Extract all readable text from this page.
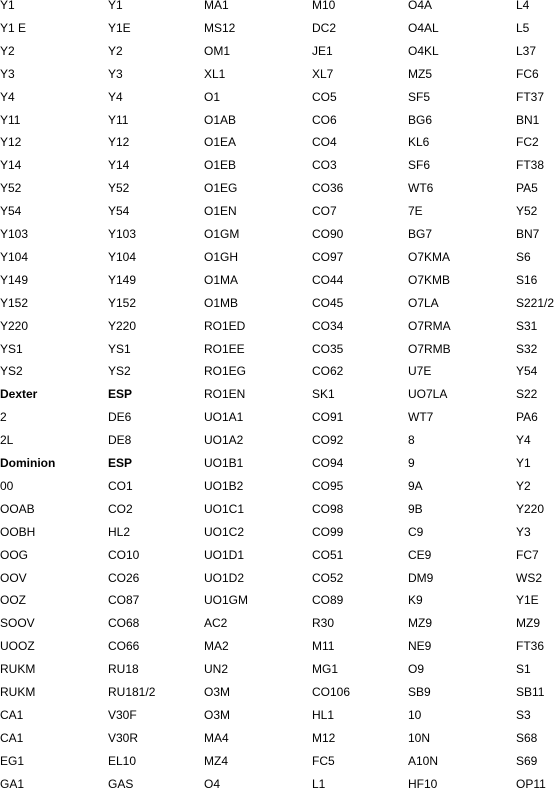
Y1
Y1 E
Y2
Y3
Y4
Y11
Y12
Y14
Y52
Y54
Y103
Y104
Y149
Y152
Y220
YS1
YS2
Dexter
2
2L
Dominion
00
OOAB
OOBH
OOG
OOV
OOZ
SOOV
UOOZ
RUKM
RUKM
CA1
CA1
EG1
GA1
Y1
Y1E
Y2
Y3
Y4
Y11
Y12
Y14
Y52
Y54
Y103
Y104
Y149
Y152
Y220
YS1
YS2
ESP
DE6
DE8
ESP
CO1
CO2
HL2
CO10
CO26
CO87
CO68
CO66
RU18
RU181/2
V30F
V30R
EL10
GAS
MA1
MS12
OM1
XL1
O1
O1AB
O1EA
O1EB
O1EG
O1EN
O1GM
O1GH
O1MA
O1MB
RO1ED
RO1EE
RO1EG
RO1EN
UO1A1
UO1A2
UO1B1
UO1B2
UO1C1
UO1C2
UO1D1
UO1D2
UO1GM
AC2
MA2
UN2
O3M
O3M
MA4
MZ4
O4
M10
DC2
JE1
XL7
CO5
CO6
CO4
CO3
CO36
CO7
CO90
CO97
CO44
CO45
CO34
CO35
CO62
SK1
CO91
CO92
CO94
CO95
CO98
CO99
CO51
CO52
CO89
R30
M11
MG1
CO106
HL1
M12
FC5
L1
O4A
O4AL
O4KL
MZ5
SF5
BG6
KL6
SF6
WT6
7E
BG7
O7KMA
O7KMB
O7LA
O7RMA
O7RMB
U7E
UO7LA
WT7
8
9
9A
9B
C9
CE9
DM9
K9
MZ9
NE9
O9
SB9
10
10N
A10N
HF10
L4
L5
L37
FC6
FT37
BN1
FC2
FT38
PA5
Y52
BN7
S6
S16
S221/2
S31
S32
Y54
S22
PA6
Y4
Y1
Y2
Y220
Y3
FC7
WS2
Y1E
MZ9
FT36
S1
SB11
S3
S68
S69
OP11
